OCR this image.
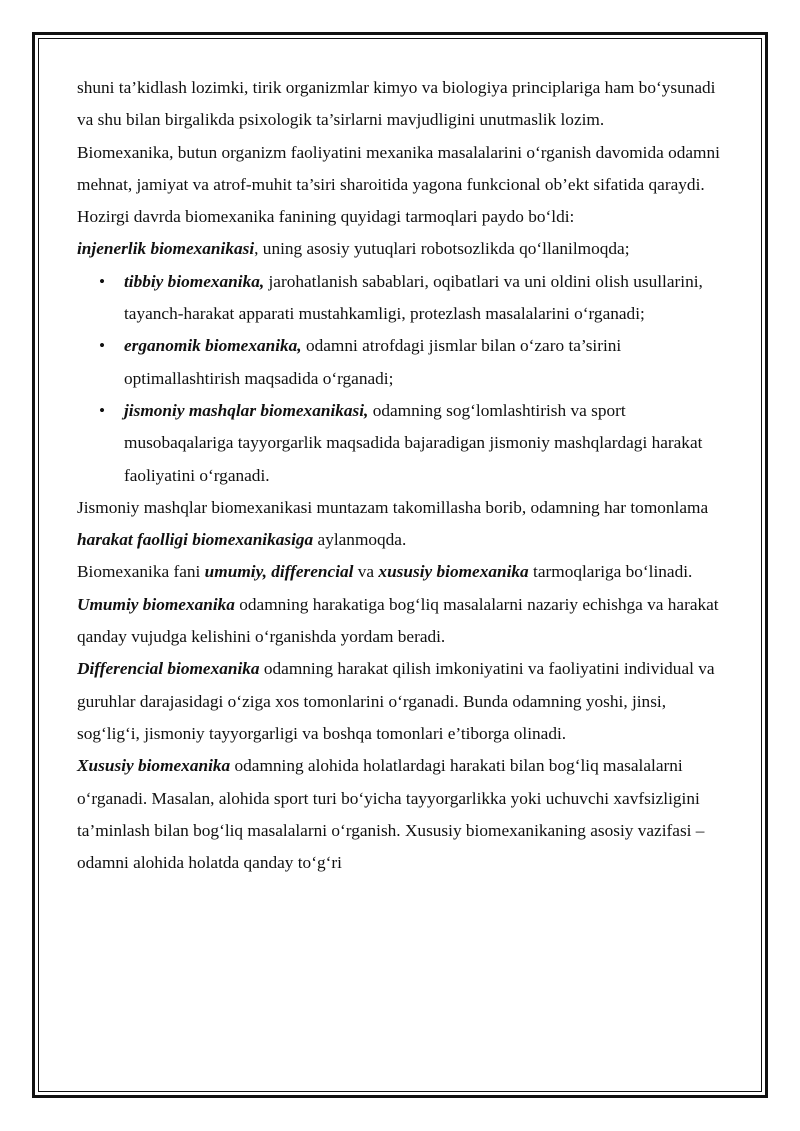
shuni ta’kidlash lozimki, tirik organizmlar kimyo va biologiya principlariga ham bo‘ysunadi va shu bilan birgalikda psixologik ta’sirlarni mavjudligini unutmaslik lozim.

Biomexanika, butun organizm faoliyatini mexanika masalalarini o‘rganish davomida odamni mehnat, jamiyat va atrof-muhit ta’siri sharoitida yagona funkcional ob’ekt sifatida qaraydi.

Hozirgi davrda biomexanika fanining quyidagi tarmoqlari paydo bo‘ldi:

injenerlik biomexanikasi, uning asosiy yutuqlari robotsozlikda qo‘llanilmoqda;

• tibbiy biomexanika, jarohatlanish sabablari, oqibatlari va uni oldini olish usullarini, tayanch-harakat apparati mustahkamligi, protezlash masalalarini o‘rganadi;
• erganomik biomexanika, odamni atrofdagi jismlar bilan o‘zaro ta’sirini optimallashtirish maqsadida o‘rganadi;
• jismoniy mashqlar biomexanikasi, odamning sog‘lomlashtirish va sport musobaqalariga tayyorgarlik maqsadida bajaradigan jismoniy mashqlardagi harakat faoliyatini o‘rganadi.

Jismoniy mashqlar biomexanikasi muntazam takomillasha borib, odamning har tomonlama harakat faolligi biomexanikasiga aylanmoqda.

Biomexanika fani umumiy, differencial va xususiy biomexanika tarmoqlariga bo‘linadi.

Umumiy biomexanika odamning harakatiga bog‘liq masalalarni nazariy echishga va harakat qanday vujudga kelishini o‘rganishda yordam beradi.

Differencial biomexanika odamning harakat qilish imkoniyatini va faoliyatini individual va guruhlar darajasidagi o‘ziga xos tomonlarini o‘rganadi. Bunda odamning yoshi, jinsi, sog‘lig‘i, jismoniy tayyorgarligi va boshqa tomonlari e’tiborga olinadi.

Xususiy biomexanika odamning alohida holatlardagi harakati bilan bog‘liq masalalarni o‘rganadi. Masalan, alohida sport turi bo‘yicha tayyorgarlikka yoki uchuvchi xavfsizligini ta’minlash bilan bog‘liq masalalarni o‘rganish. Xususiy biomexanikaning asosiy vazifasi – odamni alohida holatda qanday to‘g‘ri
